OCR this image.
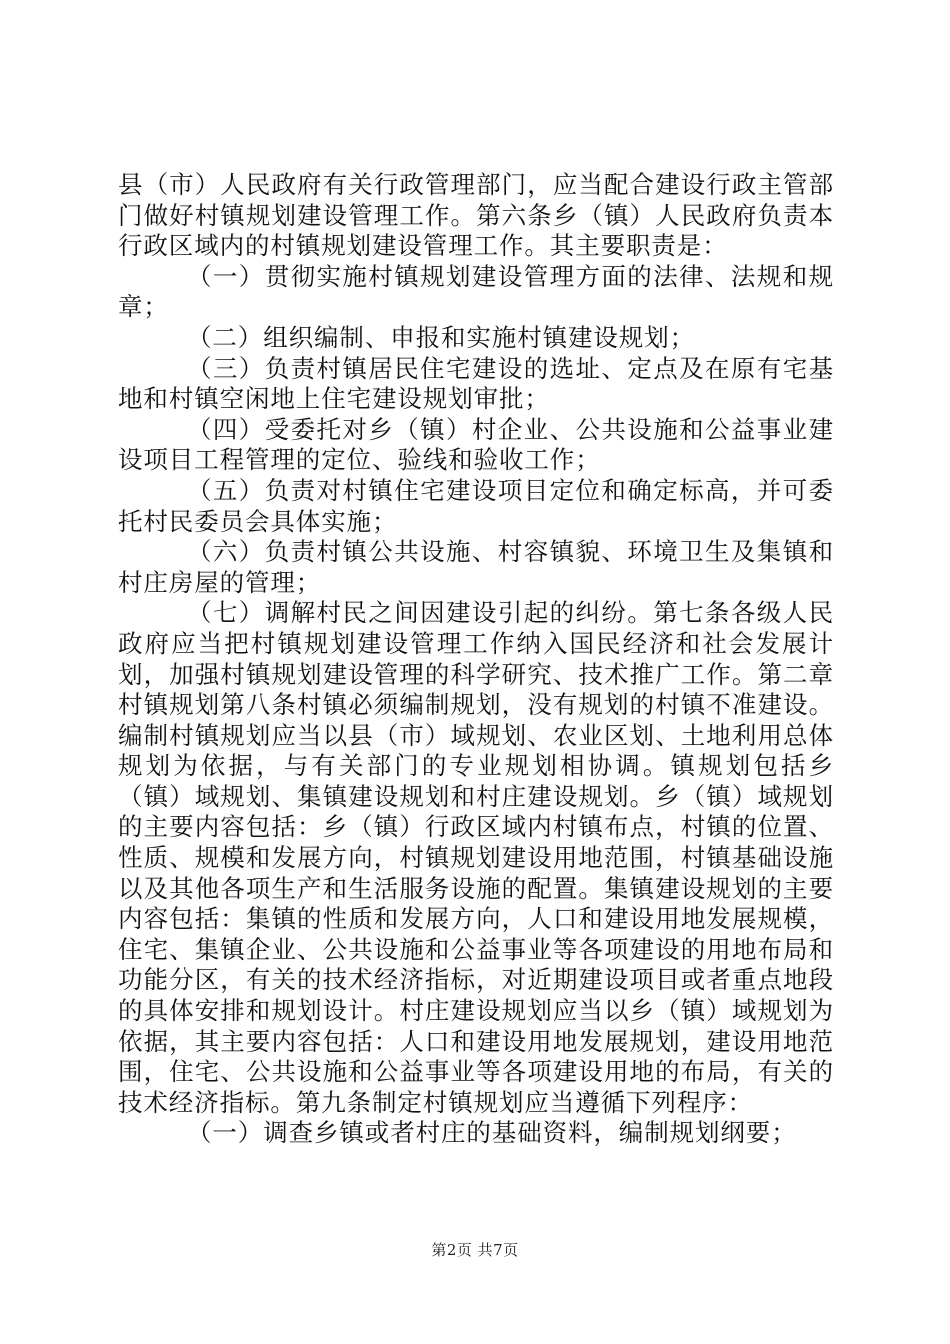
县（市）人民政府有关行政管理部门，应当配合建设行政主管部门做好村镇规划建设管理工作。第六条乡（镇）人民政府负责本行政区域内的村镇规划建设管理工作。其主要职责是：

（一）贯彻实施村镇规划建设管理方面的法律、法规和规章；

（二）组织编制、申报和实施村镇建设规划；

（三）负责村镇居民住宅建设的选址、定点及在原有宅基地和村镇空闲地上住宅建设规划审批；

（四）受委托对乡（镇）村企业、公共设施和公益事业建设项目工程管理的定位、验线和验收工作；

（五）负责对村镇住宅建设项目定位和确定标高，并可委托村民委员会具体实施；

（六）负责村镇公共设施、村容镇貌、环境卫生及集镇和村庄房屋的管理；

（七）调解村民之间因建设引起的纠纷。第七条各级人民政府应当把村镇规划建设管理工作纳入国民经济和社会发展计划，加强村镇规划建设管理的科学研究、技术推广工作。第二章村镇规划第八条村镇必须编制规划，没有规划的村镇不准建设。编制村镇规划应当以县（市）域规划、农业区划、土地利用总体规划为依据，与有关部门的专业规划相协调。镇规划包括乡（镇）域规划、集镇建设规划和村庄建设规划。乡（镇）域规划的主要内容包括：乡（镇）行政区域内村镇布点，村镇的位置、性质、规模和发展方向，村镇规划建设用地范围，村镇基础设施以及其他各项生产和生活服务设施的配置。集镇建设规划的主要内容包括：集镇的性质和发展方向，人口和建设用地发展规模，住宅、集镇企业、公共设施和公益事业等各项建设的用地布局和功能分区，有关的技术经济指标，对近期建设项目或者重点地段的具体安排和规划设计。村庄建设规划应当以乡（镇）域规划为依据，其主要内容包括：人口和建设用地发展规划，建设用地范围，住宅、公共设施和公益事业等各项建设用地的布局，有关的技术经济指标。第九条制定村镇规划应当遵循下列程序：

（一）调查乡镇或者村庄的基础资料，编制规划纲要；

第2页 共7页
